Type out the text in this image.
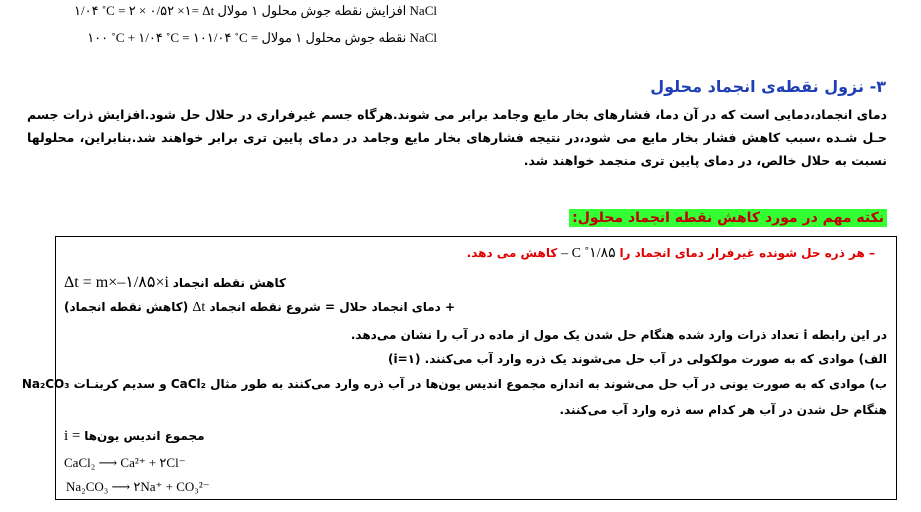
۱/۰۴ ˚C = ۲ × ۰/۵۲ ×۱= Δt افزایش نقطه جوش محلول ۱ مولال NaCl
۱۰۰ ˚C + ۱/۰۴ ˚C = ۱۰۱/۰۴ ˚C = نقطه جوش محلول ۱ مولال NaCl
۳- نزول نقطه‌ی انجماد محلول
دمای انجماد،دمایی است که در آن دما، فشارهای بخار مایع وجامد برابر می شوند.هرگاه جسم غیرفراری در حلال حل شود.افزایش ذرات جسم حـل شـده ،سبب کاهش فشار بخار مایع می شود،در نتیجه فشارهای بخار مایع وجامد در دمای پایین تری برابر خواهند شد.بنابراین، محلولها نسبت به حلال خالص، در دمای پایین تری منجمد خواهند شد.
نکته مهم در مورد کاهش نقطه انجماد محلول:
– هر ذره حل شونده غیرفرار دمای انجماد را C ˚۱/۸۵ – کاهش می دهد.
کاهش نقطه انجماد Δt = m×–۱/۸۵×i
+ دمای انجماد حلال = شروع نقطه انجماد Δt (کاهش نقطه انجماد)
در این رابطه i تعداد ذرات وارد شده هنگام حل شدن یک مول از ماده در آب را نشان می‌دهد.
الف) موادی که به صورت مولکولی در آب حل می‌شوند یک ذره وارد آب می‌کنند. (i=۱)
ب) موادی که به صورت یونی در آب حل می‌شوند به اندازه مجموع اندیس یون‌ها در آب ذره وارد می‌کنند به طور مثال CaCl₂ و سدیم کربنـات Na₂CO₃
هنگام حل شدن در آب هر کدام سه ذره وارد آب می‌کنند.
i = مجموع اندیس یون‌ها
CaCl₂ ⟶ Ca²⁺ + ۲Cl⁻
Na₂CO₃ ⟶ ۲Na⁺ + CO₃²⁻
